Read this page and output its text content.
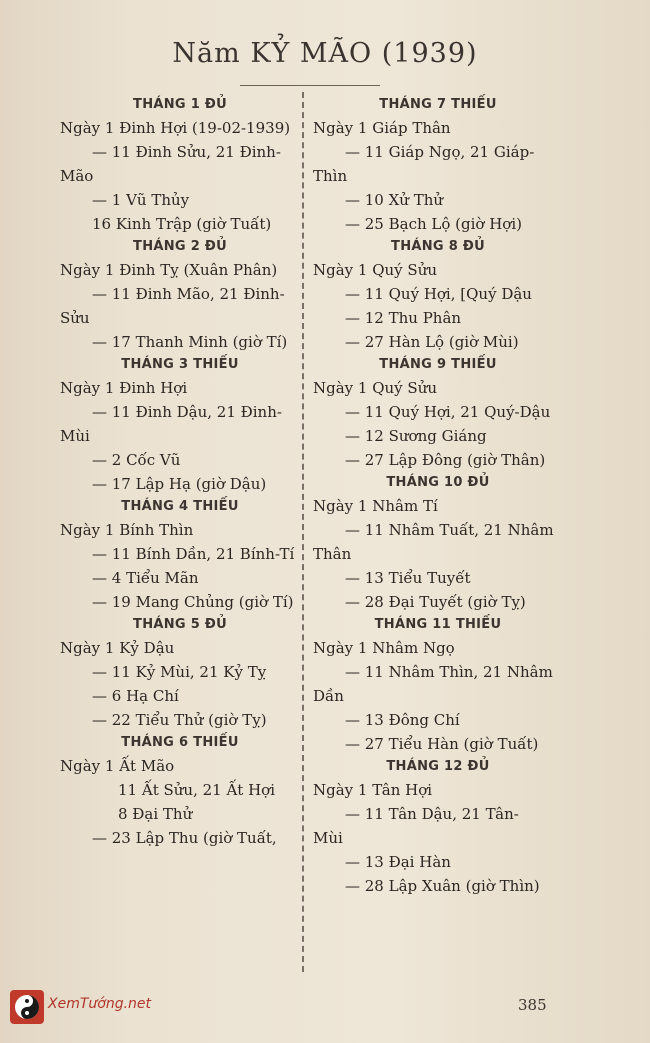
Năm KỶ MÃO (1939)
THÁNG 1 ĐỦ
Ngày 1 Đinh Hợi (19-02-1939)
— 11 Đinh Sửu, 21 Đinh-
Mão
— 1 Vũ Thủy
16 Kinh Trập (giờ Tuất)
THÁNG 2 ĐỦ
Ngày 1 Đinh Tỵ (Xuân Phân)
— 11 Đinh Mão, 21 Đinh-
Sửu
— 17 Thanh Minh (giờ Tí)
THÁNG 3 THIẾU
Ngày 1 Đinh Hợi
— 11 Đinh Dậu, 21 Đinh-
Mùi
— 2 Cốc Vũ
— 17 Lập Hạ (giờ Dậu)
THÁNG 4 THIẾU
Ngày 1 Bính Thìn
— 11 Bính Dần, 21 Bính-Tí
— 4 Tiểu Mãn
— 19 Mang Chủng (giờ Tí)
THÁNG 5 ĐỦ
Ngày 1 Kỷ Dậu
— 11 Kỷ Mùi, 21 Kỷ Tỵ
— 6 Hạ Chí
— 22 Tiểu Thử (giờ Tỵ)
THÁNG 6 THIẾU
Ngày 1 Ất Mão
11 Ất Sửu, 21 Ất Hợi
8 Đại Thử
— 23 Lập Thu (giờ Tuất,
THÁNG 7 THIẾU
Ngày 1 Giáp Thân
— 11 Giáp Ngọ, 21 Giáp-
Thìn
— 10 Xử Thử
— 25 Bạch Lộ (giờ Hợi)
THÁNG 8 ĐỦ
Ngày 1 Quý Sửu
— 11 Quý Hợi, [Quý Dậu
— 12 Thu Phân
— 27 Hàn Lộ (giờ Mùi)
THÁNG 9 THIẾU
Ngày 1 Quý Sửu
— 11 Quý Hợi, 21 Quý-Dậu
— 12 Sương Giáng
— 27 Lập Đông (giờ Thân)
THÁNG 10 ĐỦ
Ngày 1 Nhâm Tí
— 11 Nhâm Tuất, 21 Nhâm
Thân
— 13 Tiểu Tuyết
— 28 Đại Tuyết (giờ Tỵ)
THÁNG 11 THIẾU
Ngày 1 Nhâm Ngọ
— 11 Nhâm Thìn, 21 Nhâm
Dần
— 13 Đông Chí
— 27 Tiểu Hàn (giờ Tuất)
THÁNG 12 ĐỦ
Ngày 1 Tân Hợi
— 11 Tân Dậu, 21 Tân-
Mùi
— 13 Đại Hàn
— 28 Lập Xuân (giờ Thìn)
385
XemTướng.net
